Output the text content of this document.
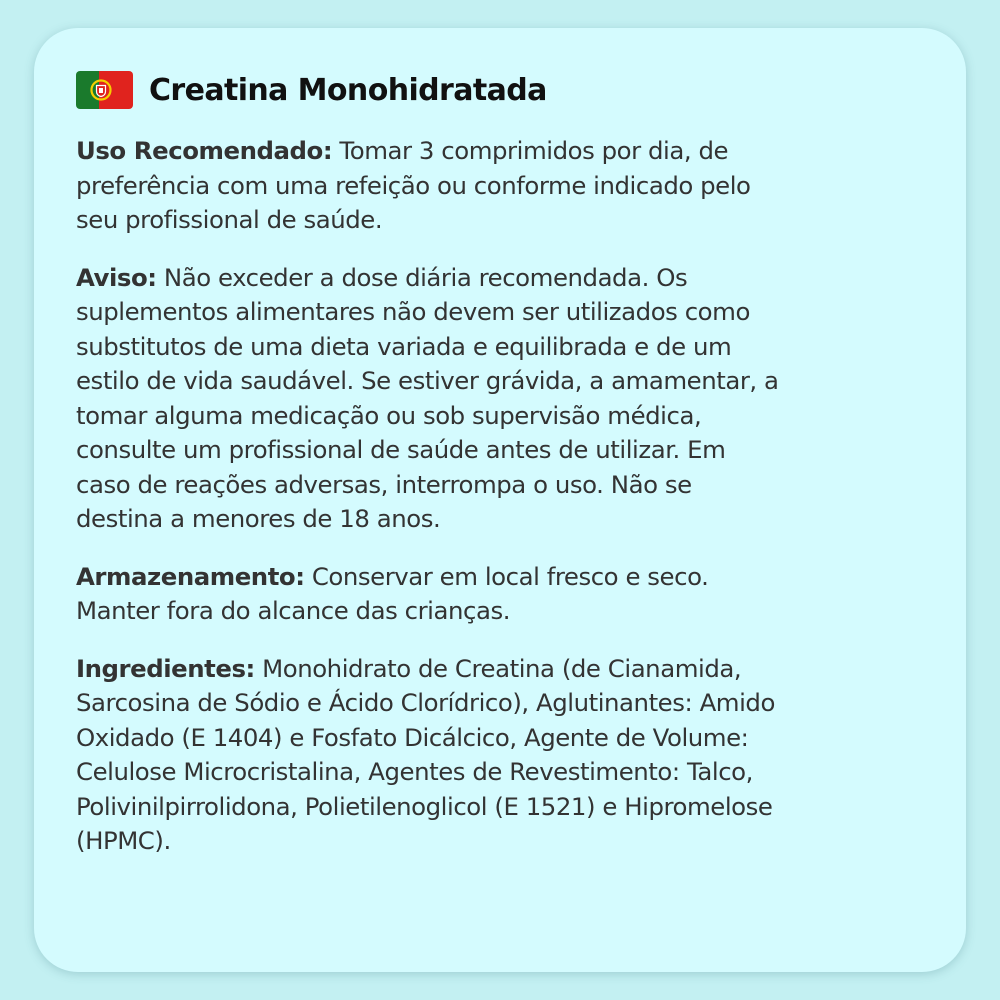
Creatina Monohidratada
Uso Recomendado: Tomar 3 comprimidos por dia, de
preferência com uma refeição ou conforme indicado pelo
seu profissional de saúde.
Aviso: Não exceder a dose diária recomendada. Os
suplementos alimentares não devem ser utilizados como
substitutos de uma dieta variada e equilibrada e de um
estilo de vida saudável. Se estiver grávida, a amamentar, a
tomar alguma medicação ou sob supervisão médica,
consulte um profissional de saúde antes de utilizar. Em
caso de reações adversas, interrompa o uso. Não se
destina a menores de 18 anos.
Armazenamento: Conservar em local fresco e seco.
Manter fora do alcance das crianças.
Ingredientes: Monohidrato de Creatina (de Cianamida,
Sarcosina de Sódio e Ácido Clorídrico), Aglutinantes: Amido
Oxidado (E 1404) e Fosfato Dicálcico, Agente de Volume:
Celulose Microcristalina, Agentes de Revestimento: Talco,
Polivinilpirrolidona, Polietilenoglicol (E 1521) e Hipromelose
(HPMC).
